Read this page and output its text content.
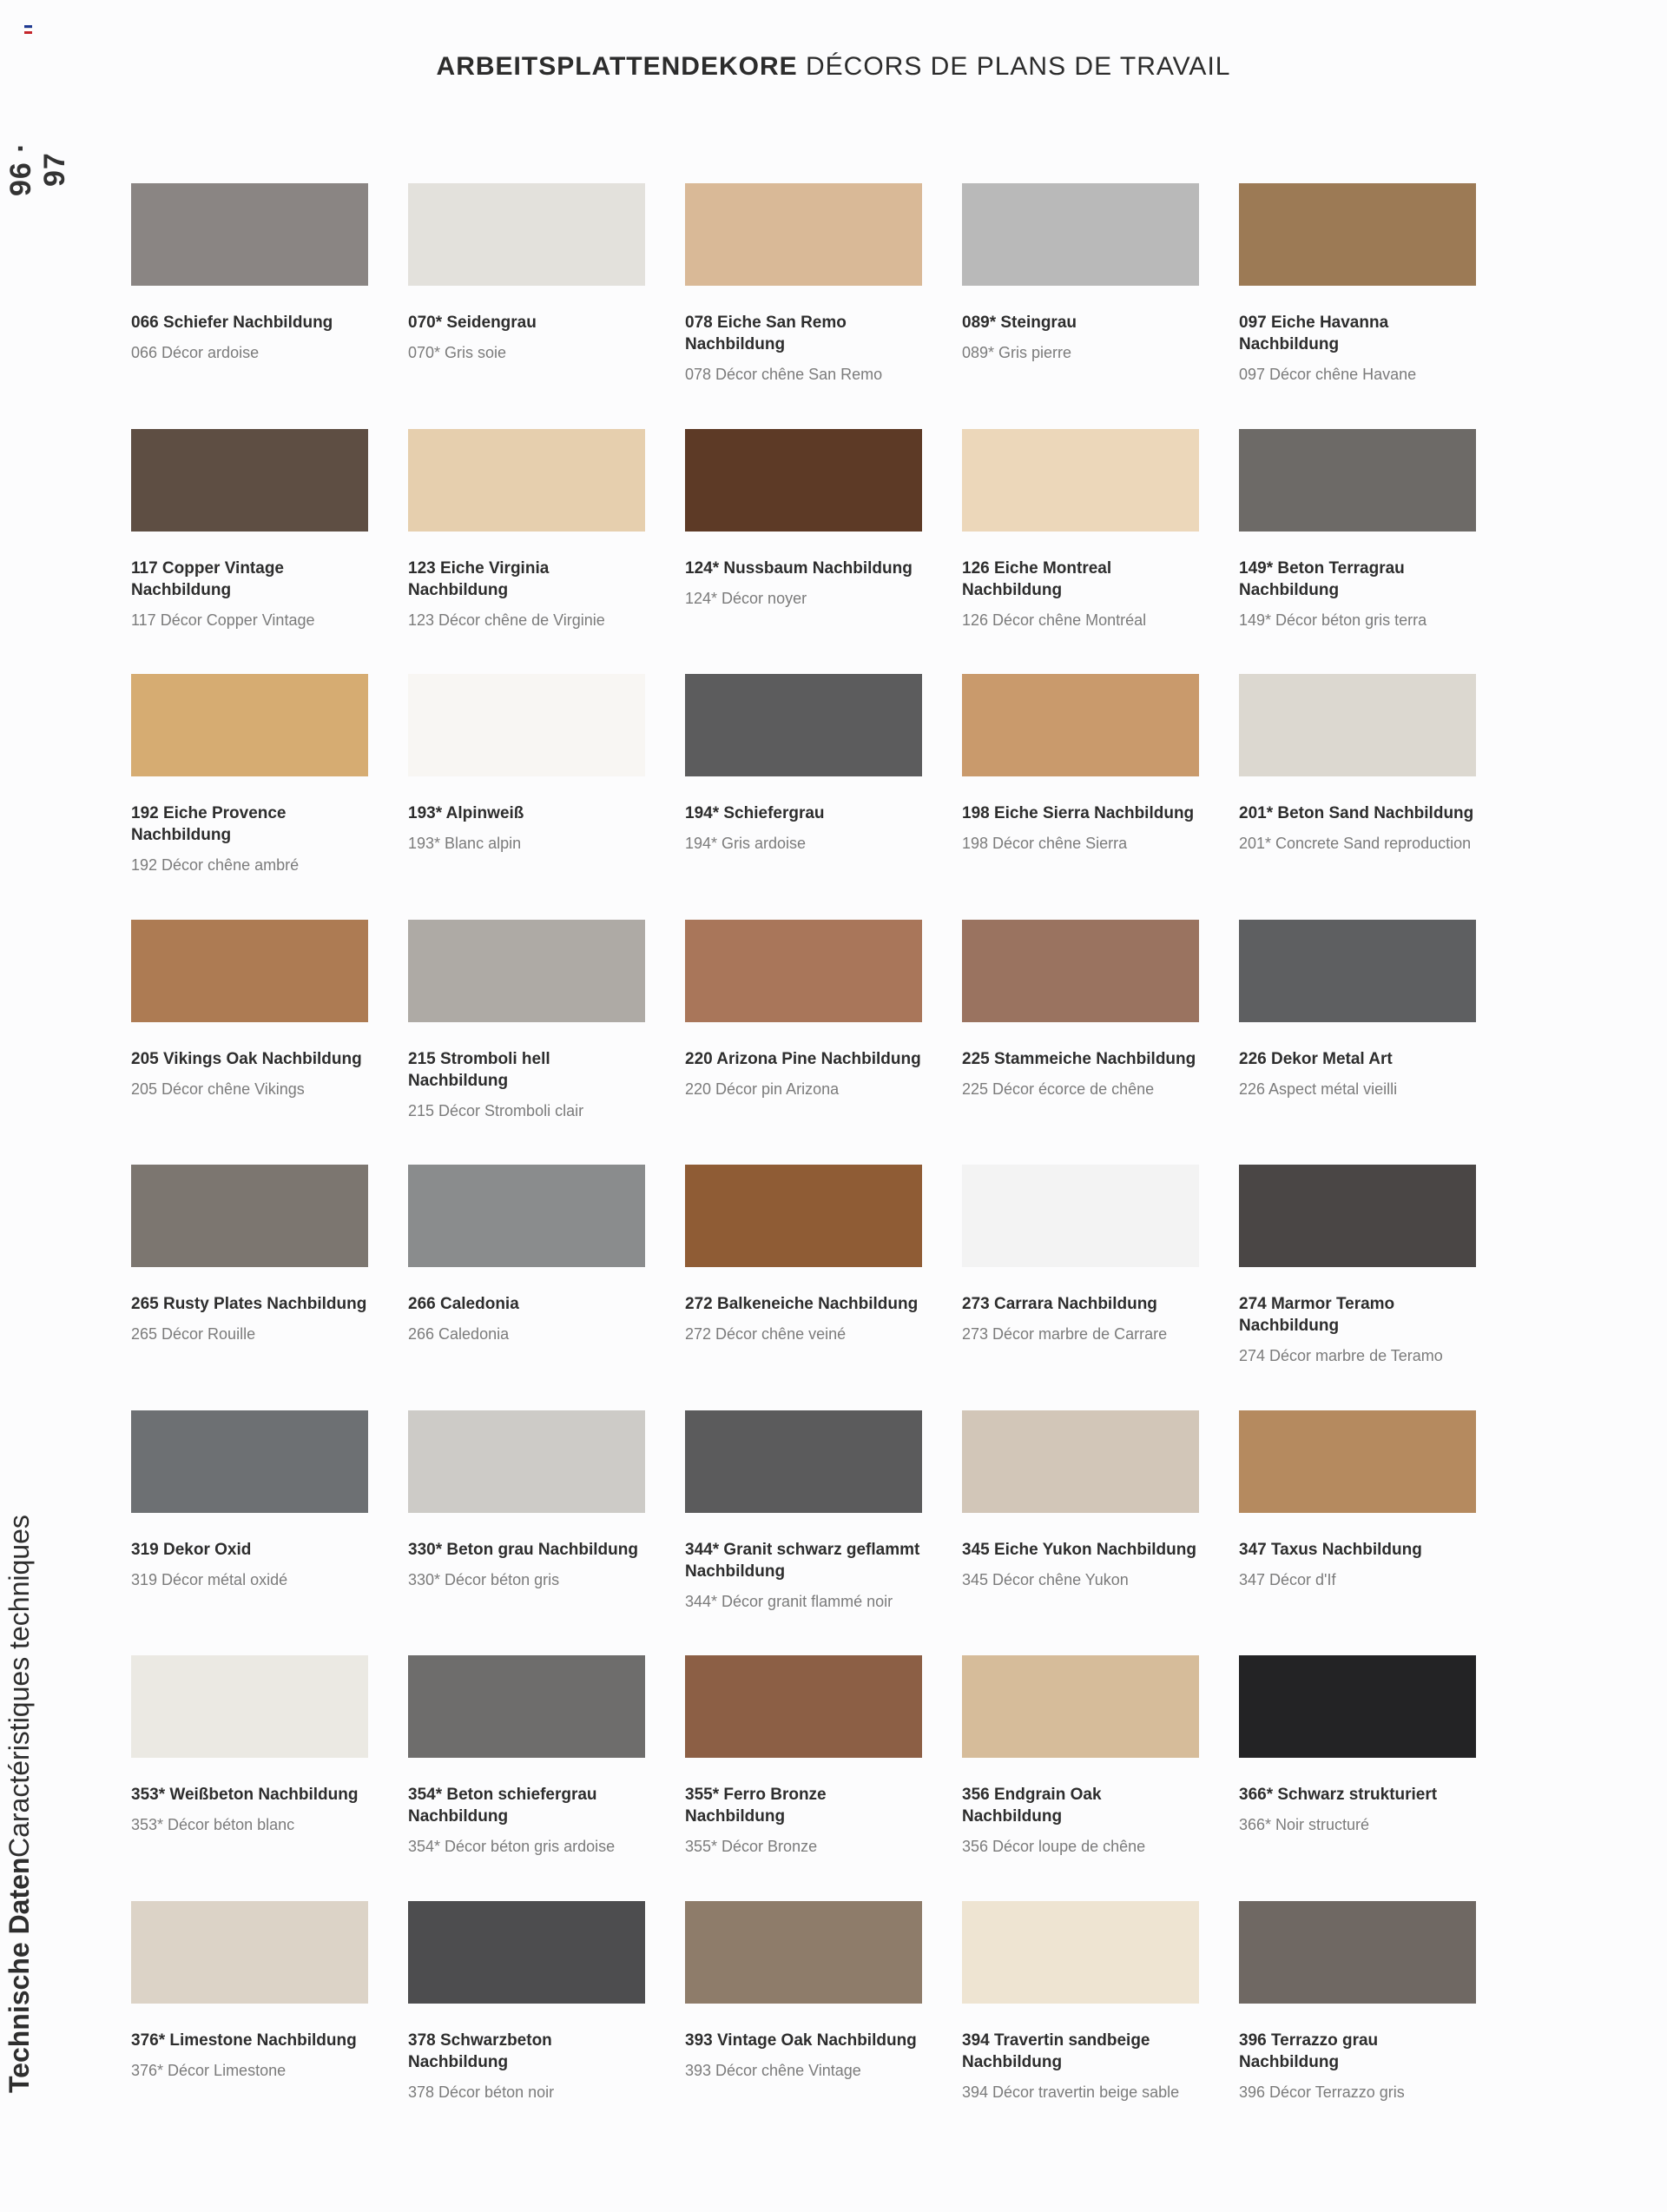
96 · 97
Technische DatenCaractéristiques techniques
ARBEITSPLATTENDEKORE DÉCORS DE PLANS DE TRAVAIL
066 Schiefer Nachbildung
066 Décor ardoise
070* Seidengrau
070* Gris soie
078 Eiche San Remo Nachbildung
078 Décor chêne San Remo
089* Steingrau
089* Gris pierre
097 Eiche Havanna Nachbildung
097 Décor chêne Havane
117 Copper Vintage Nachbildung
117 Décor Copper Vintage
123 Eiche Virginia Nachbildung
123 Décor chêne de Virginie
124* Nussbaum Nachbildung
124* Décor noyer
126 Eiche Montreal Nachbildung
126 Décor chêne Montréal
149* Beton Terragrau Nachbildung
149* Décor béton gris terra
192 Eiche Provence Nachbildung
192 Décor chêne ambré
193* Alpinweiß
193* Blanc alpin
194* Schiefergrau
194* Gris ardoise
198 Eiche Sierra Nachbildung
198 Décor chêne Sierra
201* Beton Sand Nachbildung
201* Concrete Sand reproduction
205 Vikings Oak Nachbildung
205 Décor chêne Vikings
215 Stromboli hell Nachbildung
215 Décor Stromboli clair
220 Arizona Pine Nachbildung
220 Décor pin Arizona
225 Stammeiche Nachbildung
225 Décor écorce de chêne
226 Dekor Metal Art
226 Aspect métal vieilli
265 Rusty Plates Nachbildung
265 Décor Rouille
266 Caledonia
266 Caledonia
272 Balkeneiche Nachbildung
272 Décor chêne veiné
273 Carrara Nachbildung
273 Décor marbre de Carrare
274 Marmor Teramo Nachbildung
274 Décor marbre de Teramo
319 Dekor Oxid
319 Décor métal oxidé
330* Beton grau Nachbildung
330* Décor béton gris
344* Granit schwarz geflammt Nachbildung
344* Décor granit flammé noir
345 Eiche Yukon Nachbildung
345 Décor chêne Yukon
347 Taxus Nachbildung
347 Décor d'If
353* Weißbeton Nachbildung
353* Décor béton blanc
354* Beton schiefergrau Nachbildung
354* Décor béton gris ardoise
355* Ferro Bronze Nachbildung
355* Décor Bronze
356 Endgrain Oak Nachbildung
356 Décor loupe de chêne
366* Schwarz strukturiert
366* Noir structuré
376* Limestone Nachbildung
376* Décor Limestone
378 Schwarzbeton Nachbildung
378 Décor béton noir
393 Vintage Oak Nachbildung
393 Décor chêne Vintage
394 Travertin sandbeige Nachbildung
394 Décor travertin beige sable
396 Terrazzo grau Nachbildung
396 Décor Terrazzo gris
